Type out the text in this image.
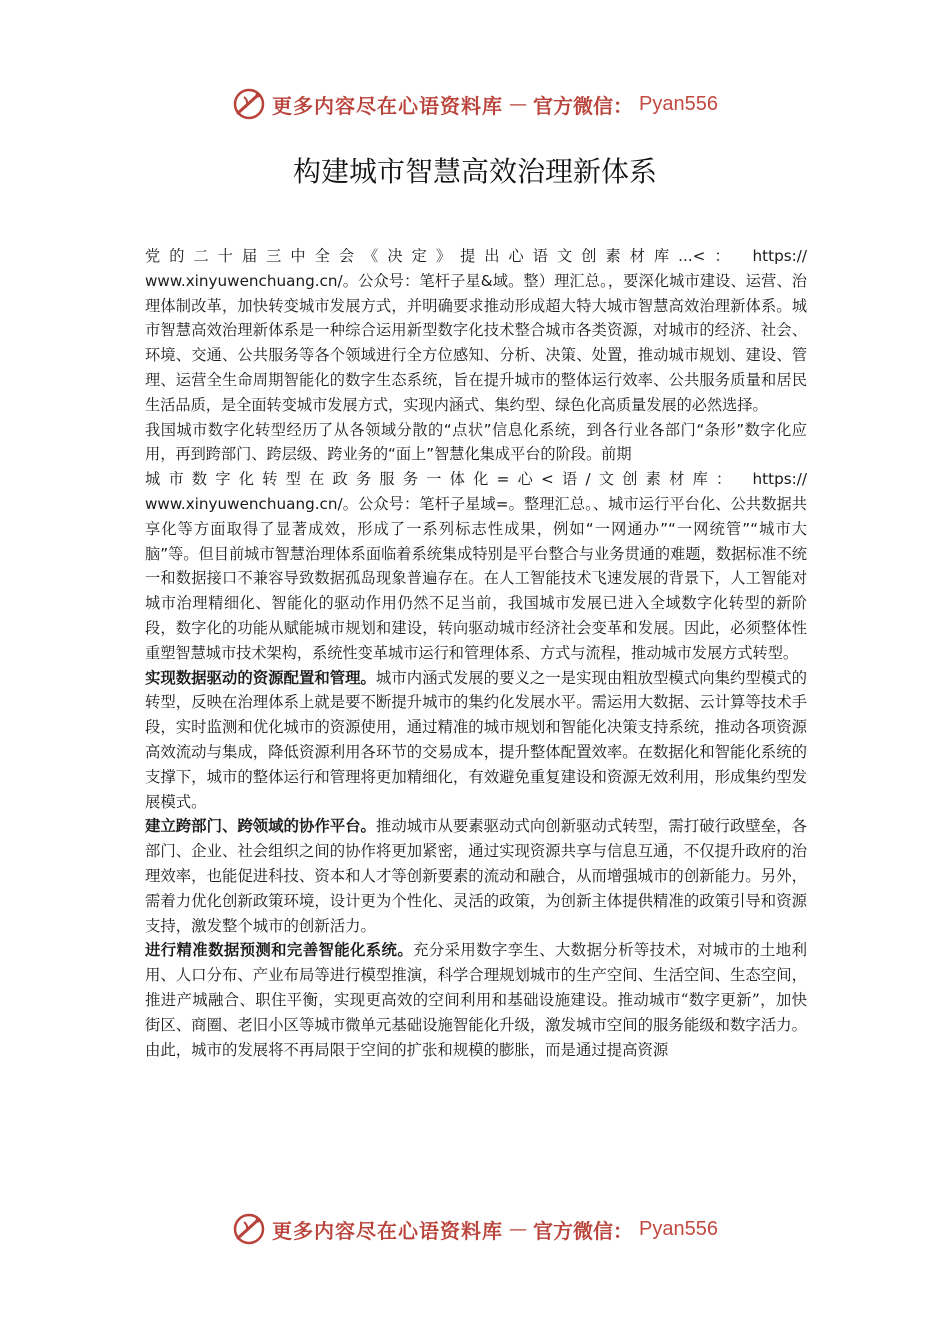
更多内容尽在心语资料库 — 官方微信： Pyan556
构建城市智慧高效治理新体系

党的二十届三中全会《决定》提出心语文创素材库...<： https://

www.xinyuwenchuang.cn/。公众号：笔杆子星&域。整）理汇总。，要深化城市建设、运营、治理体制改革，加快转变城市发展方式，并明确要求推动形成超大特大城市智慧高效治理新体系。城市智慧高效治理新体系是一种综合运用新型数字化技术整合城市各类资源，对城市的经济、社会、环境、交通、公共服务等各个领域进行全方位感知、分析、决策、处置，推动城市规划、建设、管理、运营全生命周期智能化的数字生态系统，旨在提升城市的整体运行效率、公共服务质量和居民生活品质，是全面转变城市发展方式，实现内涵式、集约型、绿色化高质量发展的必然选择。

我国城市数字化转型经历了从各领域分散的“点状”信息化系统，到各行业各部门“条形”数字化应用，再到跨部门、跨层级、跨业务的“面上”智慧化集成平台的阶段。前期

城市数字化转型在政务服务一体化=心<语/文创素材库： https://

www.xinyuwenchuang.cn/。公众号：笔杆子星域=。整理汇总。、城市运行平台化、公共数据共享化等方面取得了显著成效，形成了一系列标志性成果，例如“一网通办”“一网统管”“城市大脑”等。但目前城市智慧治理体系面临着系统集成特别是平台整合与业务贯通的难题，数据标准不统一和数据接口不兼容导致数据孤岛现象普遍存在。在人工智能技术飞速发展的背景下，人工智能对城市治理精细化、智能化的驱动作用仍然不足当前，我国城市发展已进入全域数字化转型的新阶段，数字化的功能从赋能城市规划和建设，转向驱动城市经济社会变革和发展。因此，必须整体性重塑智慧城市技术架构，系统性变革城市运行和管理体系、方式与流程，推动城市发展方式转型。

实现数据驱动的资源配置和管理。城市内涵式发展的要义之一是实现由粗放型模式向集约型模式的转型，反映在治理体系上就是要不断提升城市的集约化发展水平。需运用大数据、云计算等技术手段，实时监测和优化城市的资源使用，通过精准的城市规划和智能化决策支持系统，推动各项资源高效流动与集成，降低资源利用各环节的交易成本，提升整体配置效率。在数据化和智能化系统的支撑下，城市的整体运行和管理将更加精细化，有效避免重复建设和资源无效利用，形成集约型发展模式。

建立跨部门、跨领域的协作平台。推动城市从要素驱动式向创新驱动式转型，需打破行政壁垒，各部门、企业、社会组织之间的协作将更加紧密，通过实现资源共享与信息互通，不仅提升政府的治理效率，也能促进科技、资本和人才等创新要素的流动和融合，从而增强城市的创新能力。另外，需着力优化创新政策环境，设计更为个性化、灵活的政策，为创新主体提供精准的政策引导和资源支持，激发整个城市的创新活力。

进行精准数据预测和完善智能化系统。充分采用数字孪生、大数据分析等技术，对城市的土地利用、人口分布、产业布局等进行模型推演，科学合理规划城市的生产空间、生活空间、生态空间，推进产城融合、职住平衡，实现更高效的空间利用和基础设施建设。推动城市“数字更新”，加快街区、商圈、老旧小区等城市微单元基础设施智能化升级，激发城市空间的服务能级和数字活力。由此，城市的发展将不再局限于空间的扩张和规模的膨胀，而是通过提高资源

更多内容尽在心语资料库 — 官方微信： Pyan556
